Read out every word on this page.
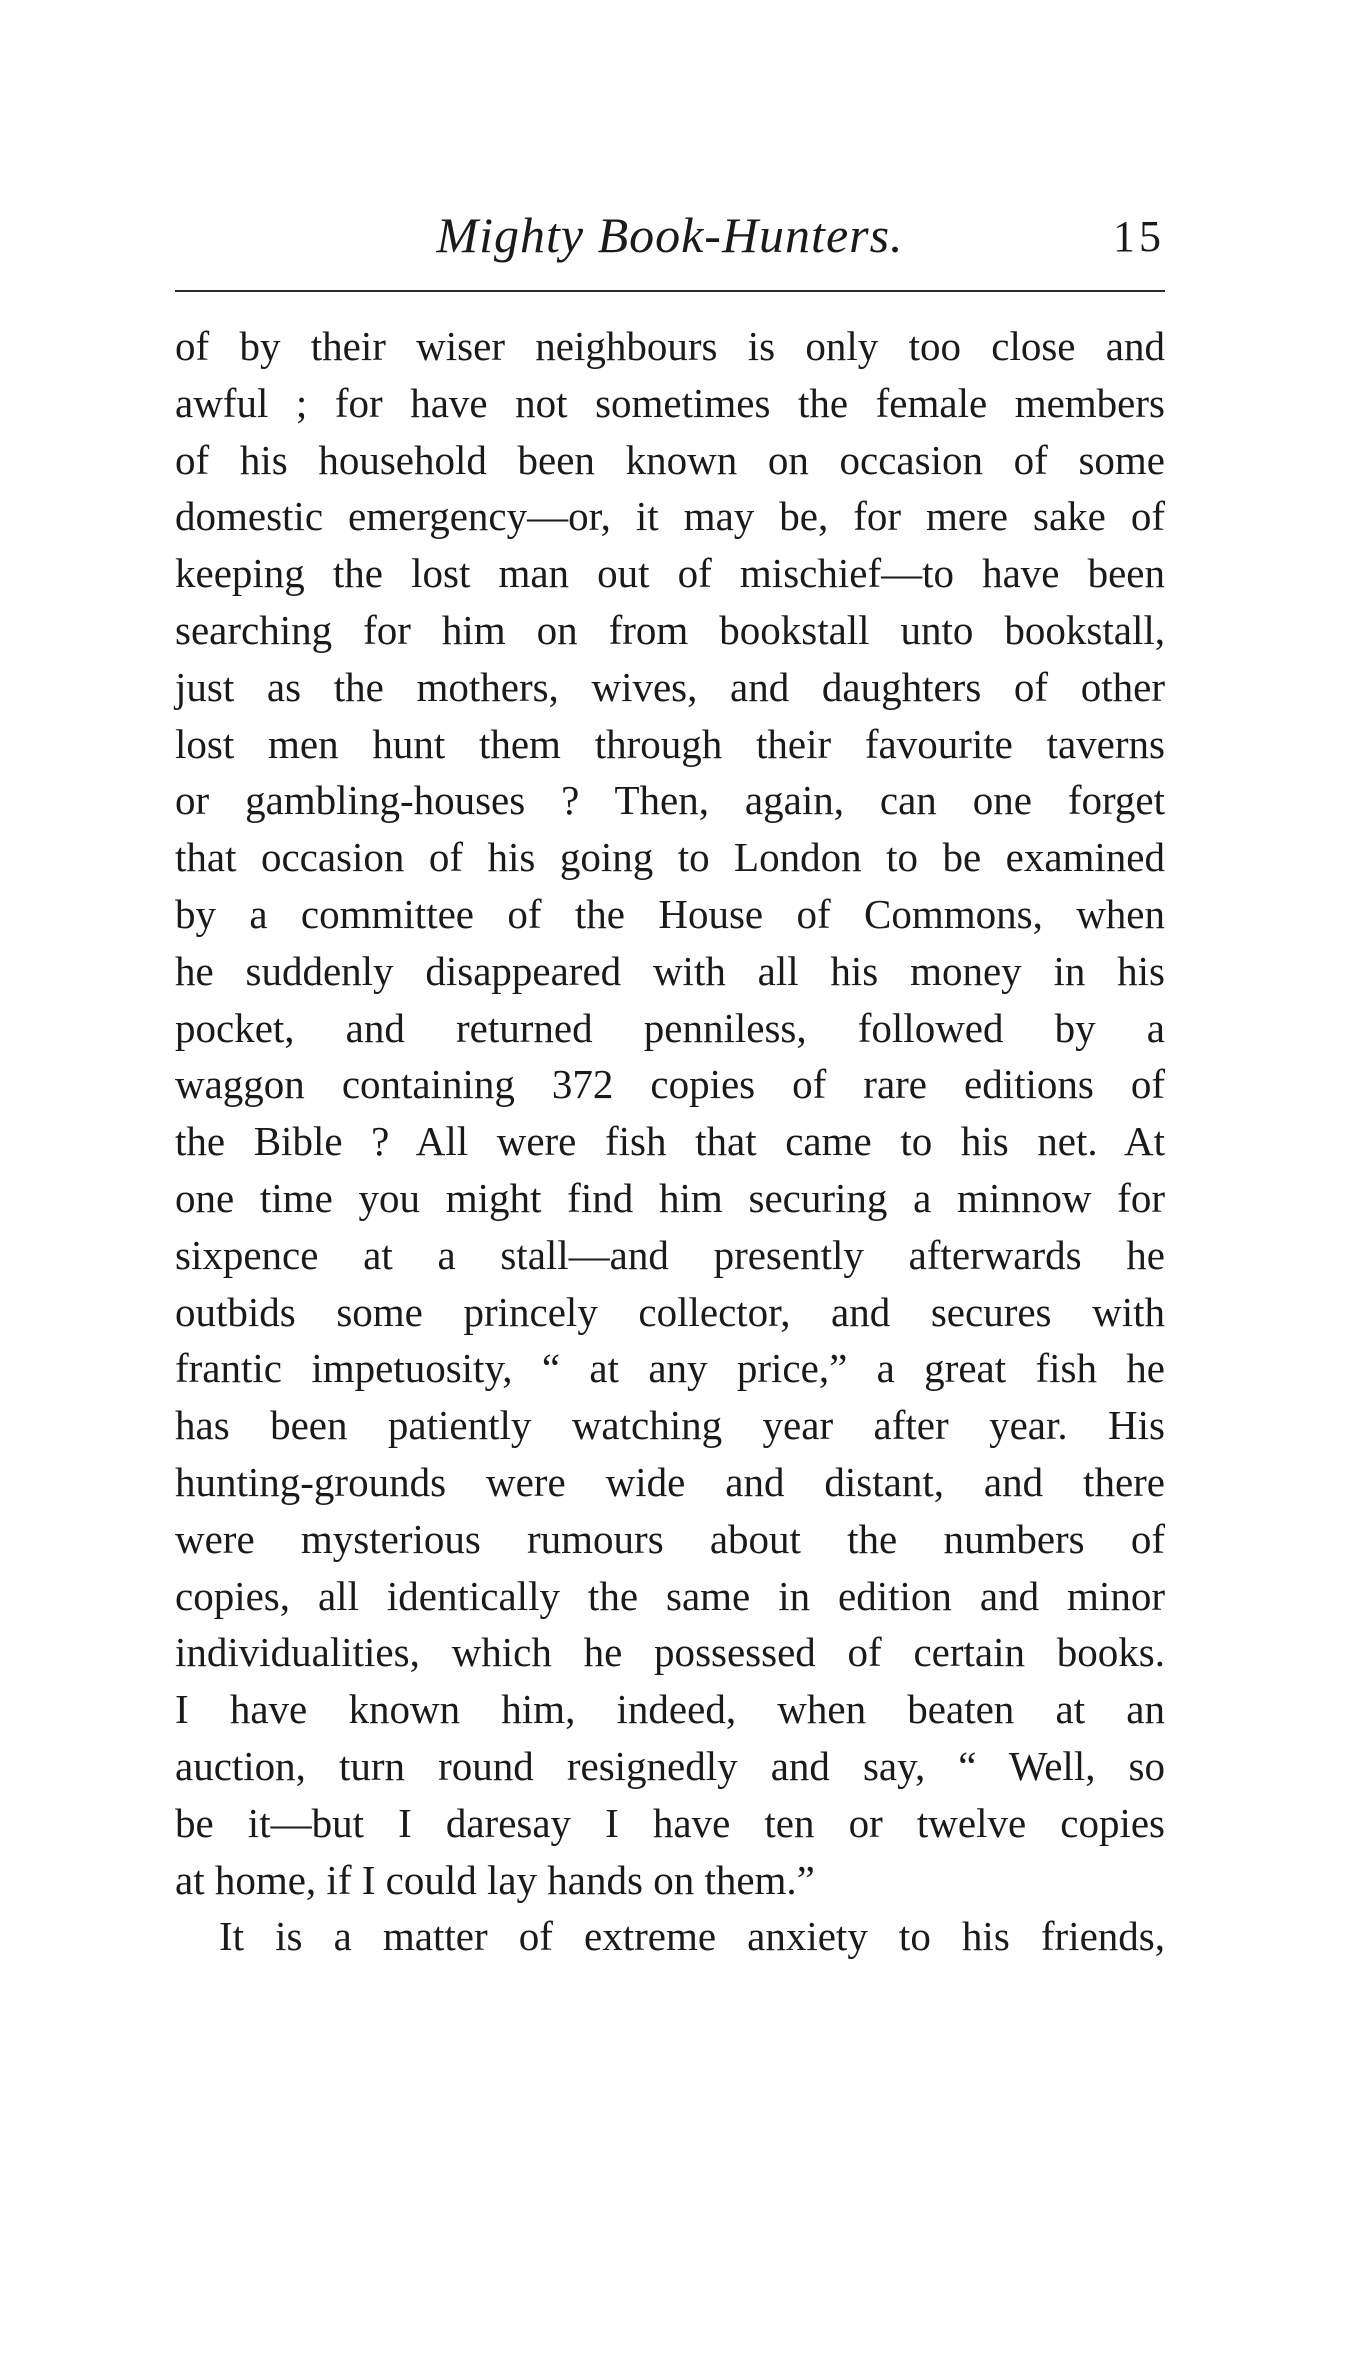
Mighty Book-Hunters.	15
of by their wiser neighbours is only too close and
awful ; for have not sometimes the female members
of his household been known on occasion of some
domestic emergency—or, it may be, for mere sake of
keeping the lost man out of mischief—to have been
searching for him on from bookstall unto bookstall,
just as the mothers, wives, and daughters of other
lost men hunt them through their favourite taverns
or gambling-houses ? Then, again, can one forget
that occasion of his going to London to be examined
by a committee of the House of Commons, when
he suddenly disappeared with all his money in his
pocket, and returned penniless, followed by a
waggon containing 372 copies of rare editions of
the Bible ? All were fish that came to his net. At
one time you might find him securing a minnow for
sixpence at a stall—and presently afterwards he
outbids some princely collector, and secures with
frantic impetuosity, “ at any price,” a great fish he
has been patiently watching year after year. His
hunting-grounds were wide and distant, and there
were mysterious rumours about the numbers of
copies, all identically the same in edition and minor
individualities, which he possessed of certain books.
I have known him, indeed, when beaten at an
auction, turn round resignedly and say, “ Well, so
be it—but I daresay I have ten or twelve copies
at home, if I could lay hands on them.”
It is a matter of extreme anxiety to his friends,
